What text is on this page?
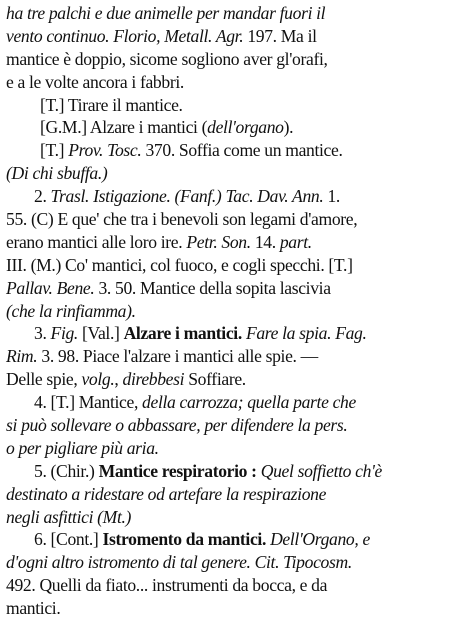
ha tre palchi e due animelle per mandar fuori il
vento continuo. Florio, Metall. Agr. 197. Ma il
mantice è doppio, sicome sogliono aver gl'orafi,
e a le volte ancora i fabbri.
[T.] Tirare il mantice.
[G.M.] Alzare i mantici (dell'organo).
[T.] Prov. Tosc. 370. Soffia come un mantice.
(Di chi sbuffa.)
2. Trasl. Istigazione. (Fanf.) Tac. Dav. Ann. 1.
55. (C) E que' che tra i benevoli son legami d'amore,
erano mantici alle loro ire. Petr. Son. 14. part.
III. (M.) Co' mantici, col fuoco, e cogli specchi. [T.]
Pallav. Bene. 3. 50. Mantice della sopita lascivia
(che la rinfiamma).
3. Fig. [Val.] Alzare i mantici. Fare la spia. Fag.
Rim. 3. 98. Piace l'alzare i mantici alle spie. —
Delle spie, volg., direbbesi Soffiare.
4. [T.] Mantice, della carrozza; quella parte che
si può sollevare o abbassare, per difendere la pers.
o per pigliare più aria.
5. (Chir.) Mantice respiratorio : Quel soffietto ch'è
destinato a ridestare od artefare la respirazione
negli asfittici (Mt.)
6. [Cont.] Istromento da mantici. Dell'Organo, e
d'ogni altro istromento di tal genere. Cit. Tipocosm.
492. Quelli da fiato... instrumenti da bocca, e da
mantici.
